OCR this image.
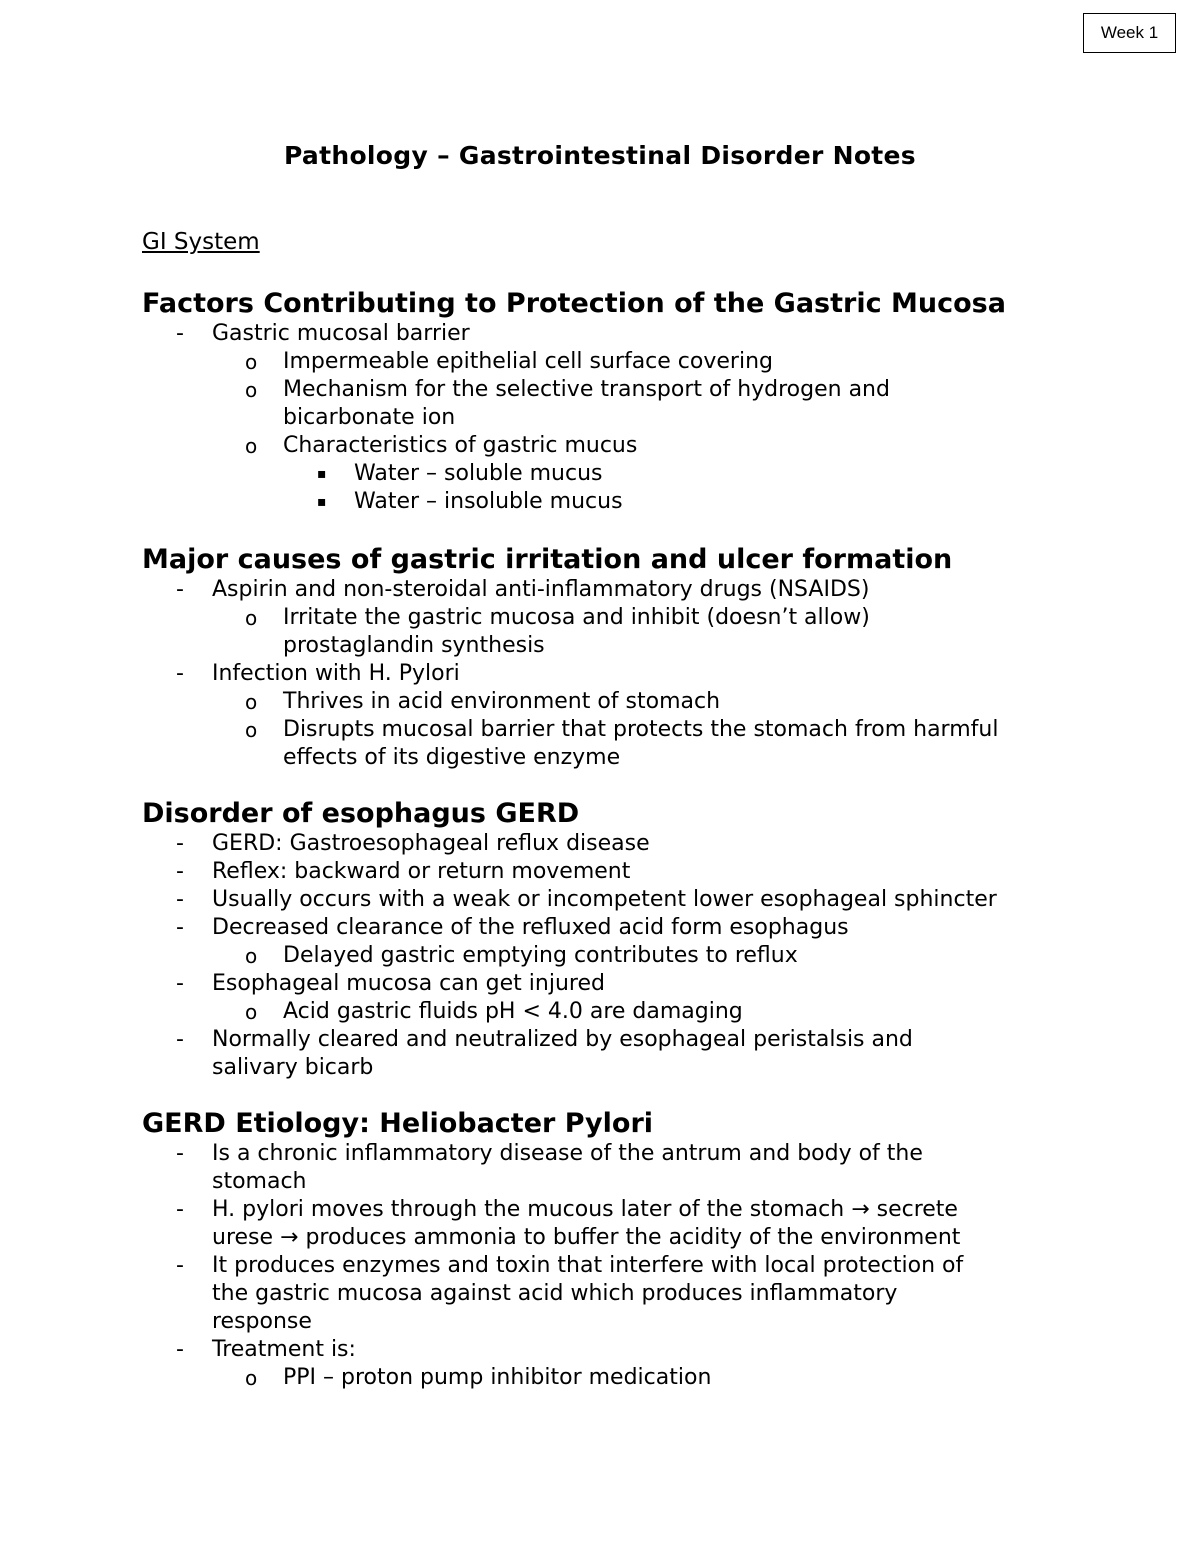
Week 1
Pathology – Gastrointestinal Disorder Notes
GI System
Factors Contributing to Protection of the Gastric Mucosa
- Gastric mucosal barrier
o Impermeable epithelial cell surface covering
o Mechanism for the selective transport of hydrogen and
bicarbonate ion
o Characteristics of gastric mucus
▪ Water – soluble mucus
▪ Water – insoluble mucus
Major causes of gastric irritation and ulcer formation
- Aspirin and non-steroidal anti-inflammatory drugs (NSAIDS)
o Irritate the gastric mucosa and inhibit (doesn’t allow)
prostaglandin synthesis
- Infection with H. Pylori
o Thrives in acid environment of stomach
o Disrupts mucosal barrier that protects the stomach from harmful
effects of its digestive enzyme
Disorder of esophagus GERD
- GERD: Gastroesophageal reflux disease
- Reflex: backward or return movement
- Usually occurs with a weak or incompetent lower esophageal sphincter
- Decreased clearance of the refluxed acid form esophagus
o Delayed gastric emptying contributes to reflux
- Esophageal mucosa can get injured
o Acid gastric fluids pH < 4.0 are damaging
- Normally cleared and neutralized by esophageal peristalsis and
salivary bicarb
GERD Etiology: Heliobacter Pylori
- Is a chronic inflammatory disease of the antrum and body of the
stomach
- H. pylori moves through the mucous later of the stomach → secrete
urese → produces ammonia to buffer the acidity of the environment
- It produces enzymes and toxin that interfere with local protection of
the gastric mucosa against acid which produces inflammatory
response
- Treatment is:
o PPI – proton pump inhibitor medication
